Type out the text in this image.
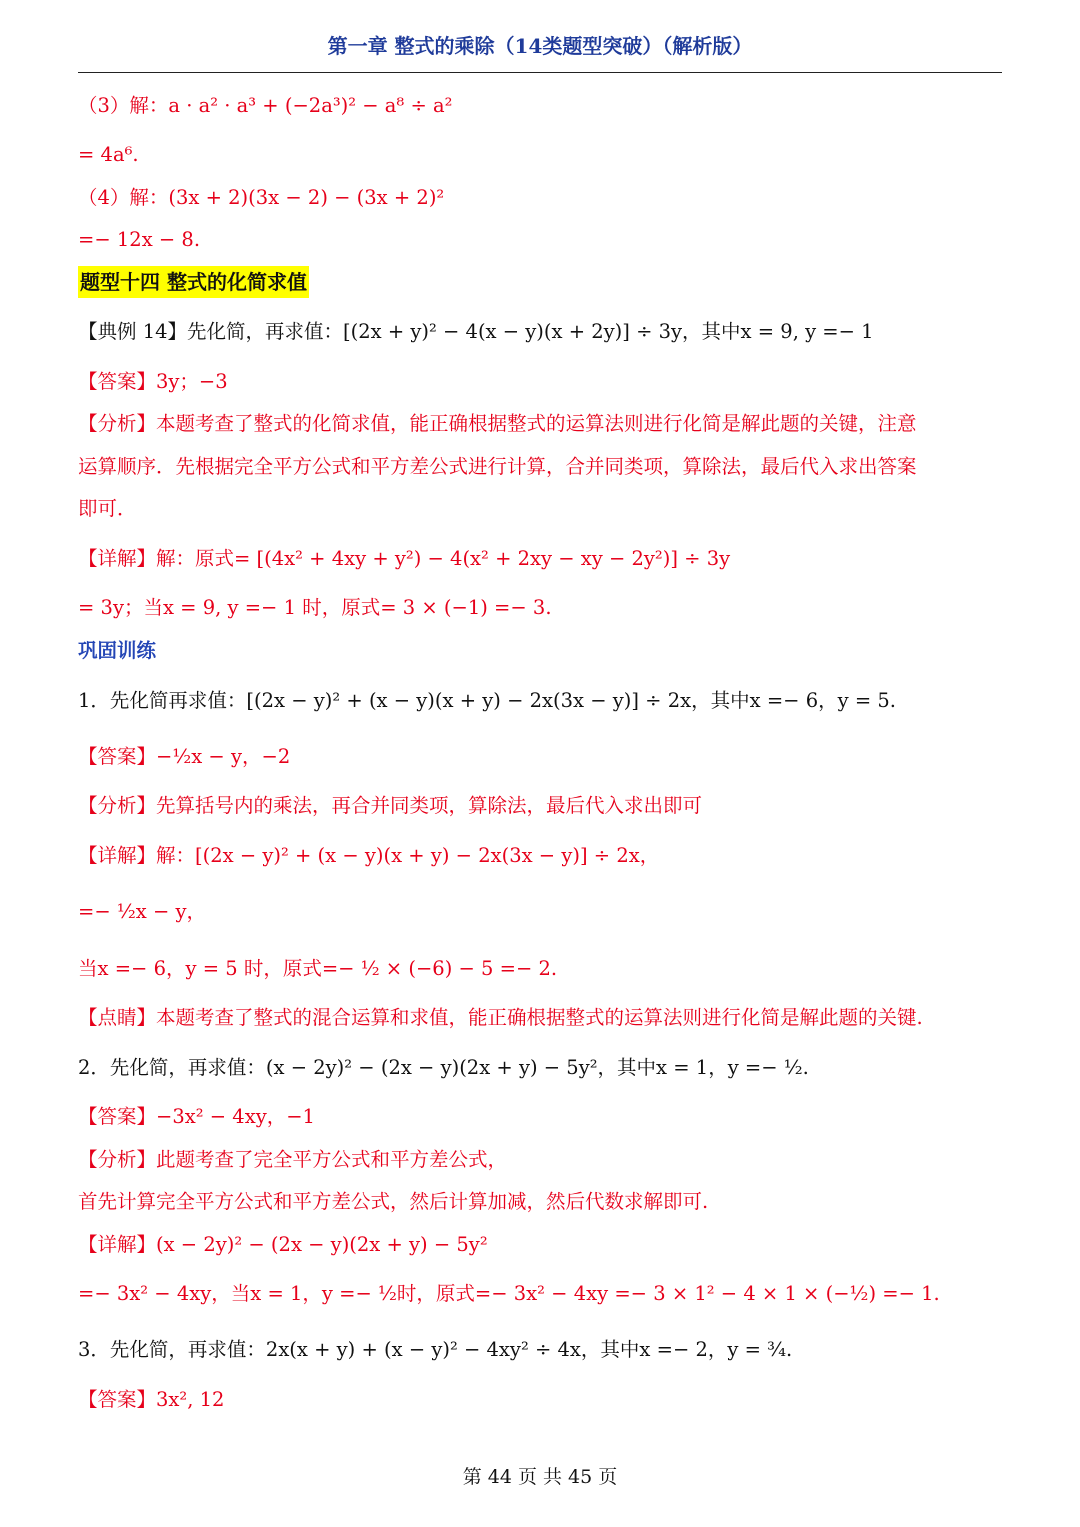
第一章 整式的乘除（14类题型突破）（解析版）
（3）解：a · a² · a³ + (−2a³)² − a⁸ ÷ a²
= 4a⁶.
（4）解：(3x + 2)(3x − 2) − (3x + 2)²
=− 12x − 8.
题型十四 整式的化简求值
【典例 14】先化简，再求值：[(2x + y)² − 4(x − y)(x + 2y)] ÷ 3y，其中x = 9, y =− 1
【答案】3y；−3
【分析】本题考查了整式的化简求值，能正确根据整式的运算法则进行化简是解此题的关键，注意
运算顺序．先根据完全平方公式和平方差公式进行计算，合并同类项，算除法，最后代入求出答案
即可．
【详解】解：原式= [(4x² + 4xy + y²) − 4(x² + 2xy − xy − 2y²)] ÷ 3y
= 3y；当x = 9, y =− 1 时，原式= 3 × (−1) =− 3.
巩固训练
1．先化简再求值：[(2x − y)² + (x − y)(x + y) − 2x(3x − y)] ÷ 2x，其中x =− 6，y = 5.
【答案】−½x − y，−2
【分析】先算括号内的乘法，再合并同类项，算除法，最后代入求出即可
【详解】解：[(2x − y)² + (x − y)(x + y) − 2x(3x − y)] ÷ 2x，
=− ½x − y，
当x =− 6，y = 5 时，原式=− ½ × (−6) − 5 =− 2.
【点睛】本题考查了整式的混合运算和求值，能正确根据整式的运算法则进行化简是解此题的关键.
2．先化简，再求值：(x − 2y)² − (2x − y)(2x + y) − 5y²，其中x = 1，y =− ½.
【答案】−3x² − 4xy，−1
【分析】此题考查了完全平方公式和平方差公式，
首先计算完全平方公式和平方差公式，然后计算加减，然后代数求解即可.
【详解】(x − 2y)² − (2x − y)(2x + y) − 5y²
=− 3x² − 4xy，当x = 1，y =− ½时，原式=− 3x² − 4xy =− 3 × 1² − 4 × 1 × (−½) =− 1.
3．先化简，再求值：2x(x + y) + (x − y)² − 4xy² ÷ 4x，其中x =− 2，y = ¾.
【答案】3x², 12
第 44 页 共 45 页
